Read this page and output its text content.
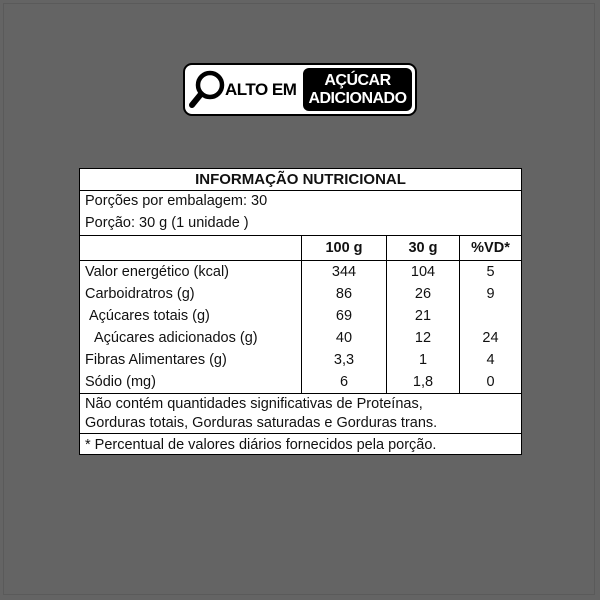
ALTO EM AÇÚCAR
ADICIONADO
INFORMAÇÃO NUTRICIONAL
Porções por embalagem: 30
Porção: 30 g (1 unidade )
	100 g	30 g	%VD*
Valor energético (kcal)	344	104	5
Carboidratros (g)	86	26	9
Açúcares totais (g)	69	21	
Açúcares adicionados (g)	40	12	24
Fibras Alimentares (g)	3,3	1	4
Sódio (mg)	6	1,8	0
Não contém quantidades significativas de Proteínas,
Gorduras totais, Gorduras saturadas e Gorduras trans.
* Percentual de valores diários fornecidos pela porção.
